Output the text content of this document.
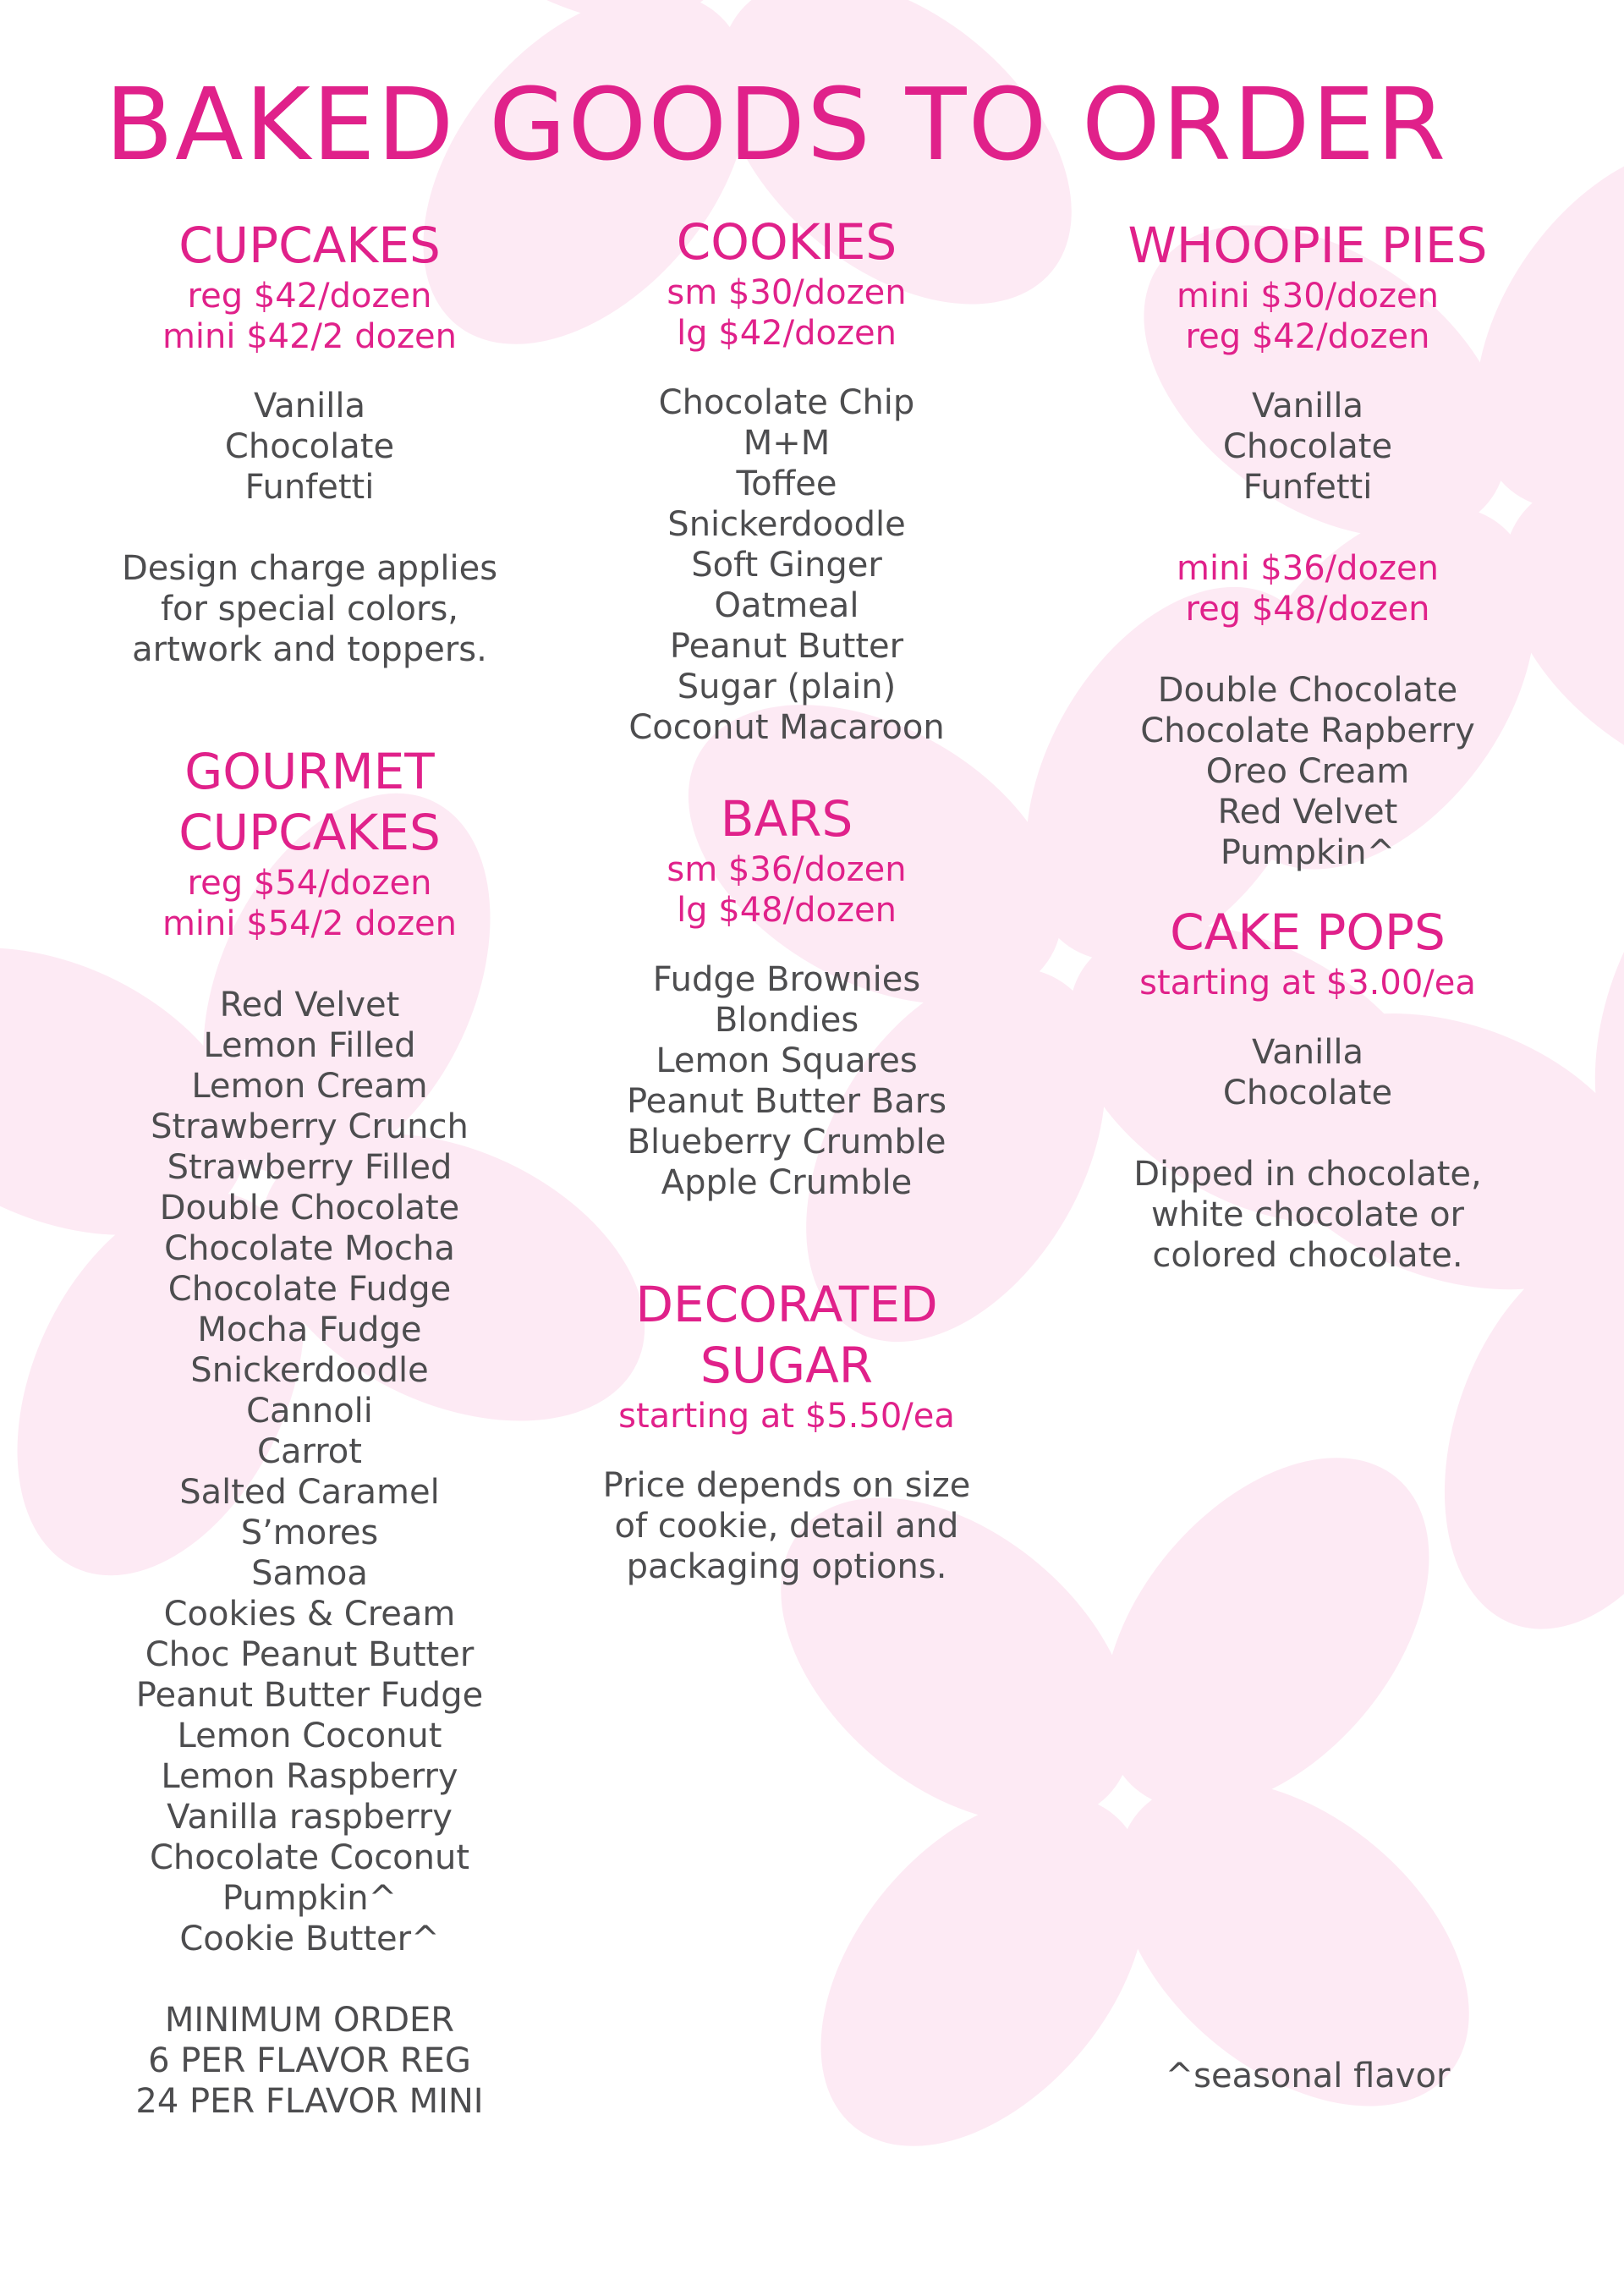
BAKED GOODS TO ORDER
CUPCAKES
reg $42/dozen
mini $42/2 dozen
Vanilla
Chocolate
Funfetti
Design charge applies
for special colors,
artwork and toppers.
GOURMET
CUPCAKES
reg $54/dozen
mini $54/2 dozen
Red Velvet
Lemon Filled
Lemon Cream
Strawberry Crunch
Strawberry Filled
Double Chocolate
Chocolate Mocha
Chocolate Fudge
Mocha Fudge
Snickerdoodle
Cannoli
Carrot
Salted Caramel
S’mores
Samoa
Cookies & Cream
Choc Peanut Butter
Peanut Butter Fudge
Lemon Coconut
Lemon Raspberry
Vanilla raspberry
Chocolate Coconut
Pumpkin^
Cookie Butter^
MINIMUM ORDER
6 PER FLAVOR REG
24 PER FLAVOR MINI
COOKIES
sm $30/dozen
lg $42/dozen
Chocolate Chip
M+M
Toffee
Snickerdoodle
Soft Ginger
Oatmeal
Peanut Butter
Sugar (plain)
Coconut Macaroon
BARS
sm $36/dozen
lg $48/dozen
Fudge Brownies
Blondies
Lemon Squares
Peanut Butter Bars
Blueberry Crumble
Apple Crumble
DECORATED
SUGAR
starting at $5.50/ea
Price depends on size
of cookie, detail and
packaging options.
WHOOPIE PIES
mini $30/dozen
reg $42/dozen
Vanilla
Chocolate
Funfetti
mini $36/dozen
reg $48/dozen
Double Chocolate
Chocolate Rapberry
Oreo Cream
Red Velvet
Pumpkin^
CAKE POPS
starting at $3.00/ea
Vanilla
Chocolate
Dipped in chocolate,
white chocolate or
colored chocolate.
^seasonal flavor
